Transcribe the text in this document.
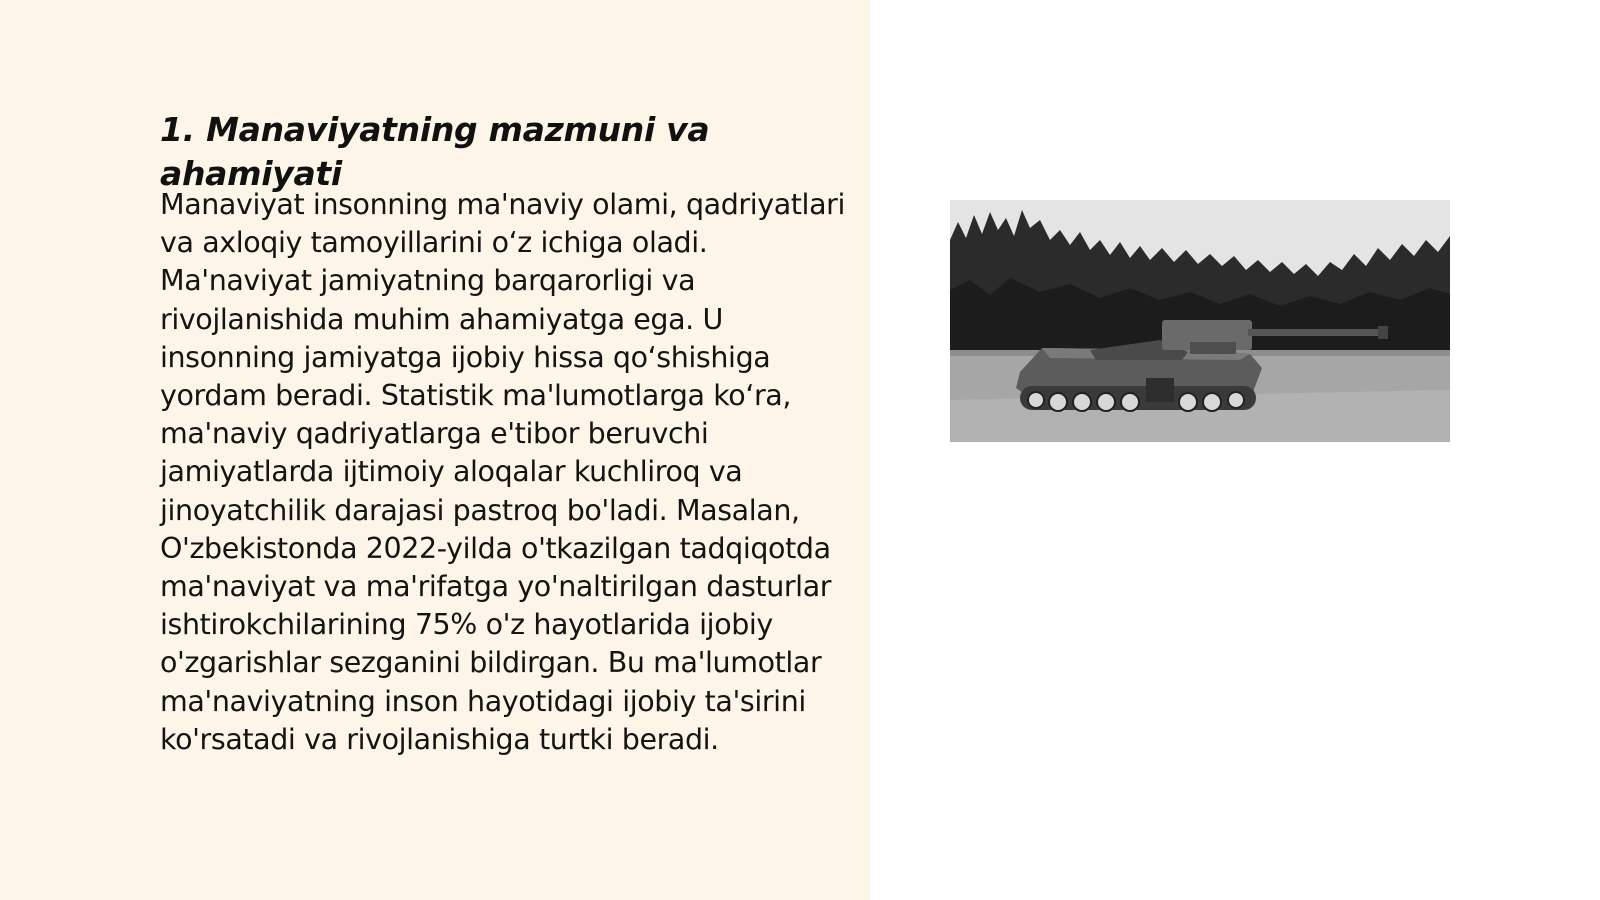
1. Manaviyatning mazmuni va ahamiyati

Manaviyat insonning ma'naviy olami, qadriyatlari va axloqiy tamoyillarini o‘z ichiga oladi. Ma'naviyat jamiyatning barqarorligi va rivojlanishida muhim ahamiyatga ega. U insonning jamiyatga ijobiy hissa qo‘shishiga yordam beradi. Statistik ma'lumotlarga ko‘ra, ma'naviy qadriyatlarga e'tibor beruvchi jamiyatlarda ijtimoiy aloqalar kuchliroq va jinoyatchilik darajasi pastroq bo'ladi. Masalan, O'zbekistonda 2022-yilda o'tkazilgan tadqiqotda ma'naviyat va ma'rifatga yo'naltirilgan dasturlar ishtirokchilarining 75% o'z hayotlarida ijobiy o'zgarishlar sezganini bildirgan. Bu ma'lumotlar ma'naviyatning inson hayotidagi ijobiy ta'sirini ko'rsatadi va rivojlanishiga turtki beradi.
